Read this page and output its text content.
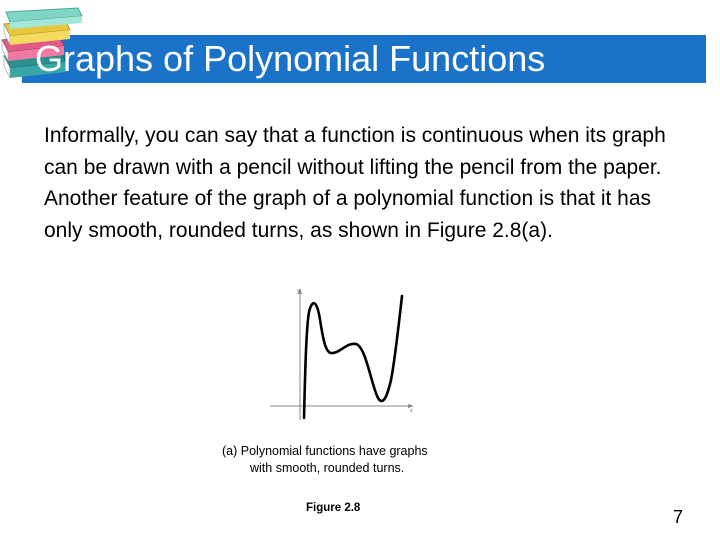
Graphs of Polynomial Functions
Informally, you can say that a function is continuous when its graph can be drawn with a pencil without lifting the pencil from the paper. Another feature of the graph of a polynomial function is that it has only smooth, rounded turns, as shown in Figure 2.8(a).
y
x
(a) Polynomial functions have graphs
with smooth, rounded turns.
Figure 2.8	7
